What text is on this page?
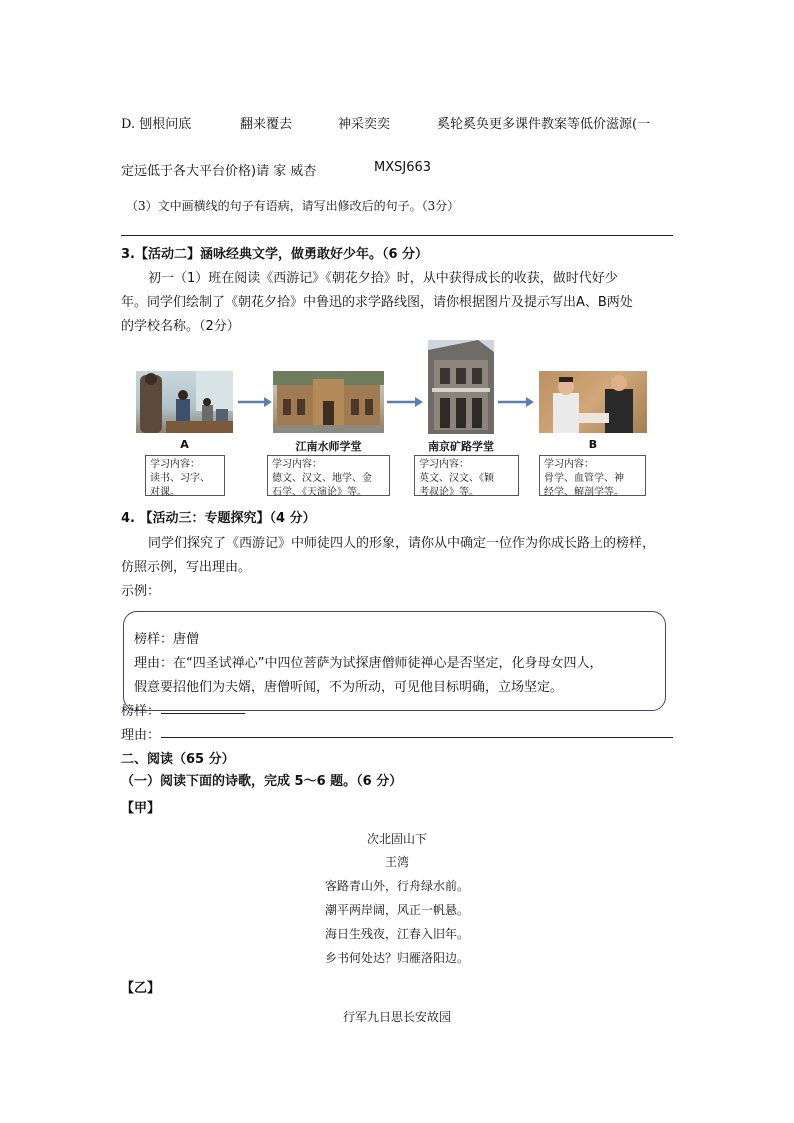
D. 刨根问底	翻来覆去	神采奕奕	奚轮奚奂更多课件教案等低价滋源(一
定远低于各大平台价格)请 家 威杏	MXSJ663
（3）文中画横线的句子有语病，请写出修改后的句子。（3分）
3.【活动二】涵咏经典文学，做勇敢好少年。（6 分）
初一（1）班在阅读《西游记》《朝花夕拾》时，从中获得成长的收获，做时代好少
年。同学们绘制了《朝花夕拾》中鲁迅的求学路线图，请你根据图片及提示写出A、B两处
的学校名称。（2分）
A	江南水师学堂	南京矿路学堂	B
学习内容：
读书、习字、
对课。
学习内容：
德文、汉文、地学、金
石学、《天演论》等。
学习内容：
英文、汉文、《颖
考叔论》等。
学习内容：
骨学、血管学、神
经学、解剖学等。
4. 【活动三：专题探究】（4 分）
同学们探究了《西游记》中师徒四人的形象，请你从中确定一位作为你成长路上的榜样，
仿照示例，写出理由。
示例：
榜样：唐僧
理由：在“四圣试禅心”中四位菩萨为试探唐僧师徒禅心是否坚定，化身母女四人，
假意要招他们为夫婿，唐僧听闻，不为所动，可见他目标明确，立场坚定。
榜样：
理由：
二、阅读（65 分）
（一）阅读下面的诗歌，完成 5～6 题。（6 分）
【甲】
次北固山下
王湾
客路青山外，行舟绿水前。
潮平两岸阔，风正一帆悬。
海日生残夜，江春入旧年。
乡书何处达？归雁洛阳边。
【乙】
行军九日思长安故园
